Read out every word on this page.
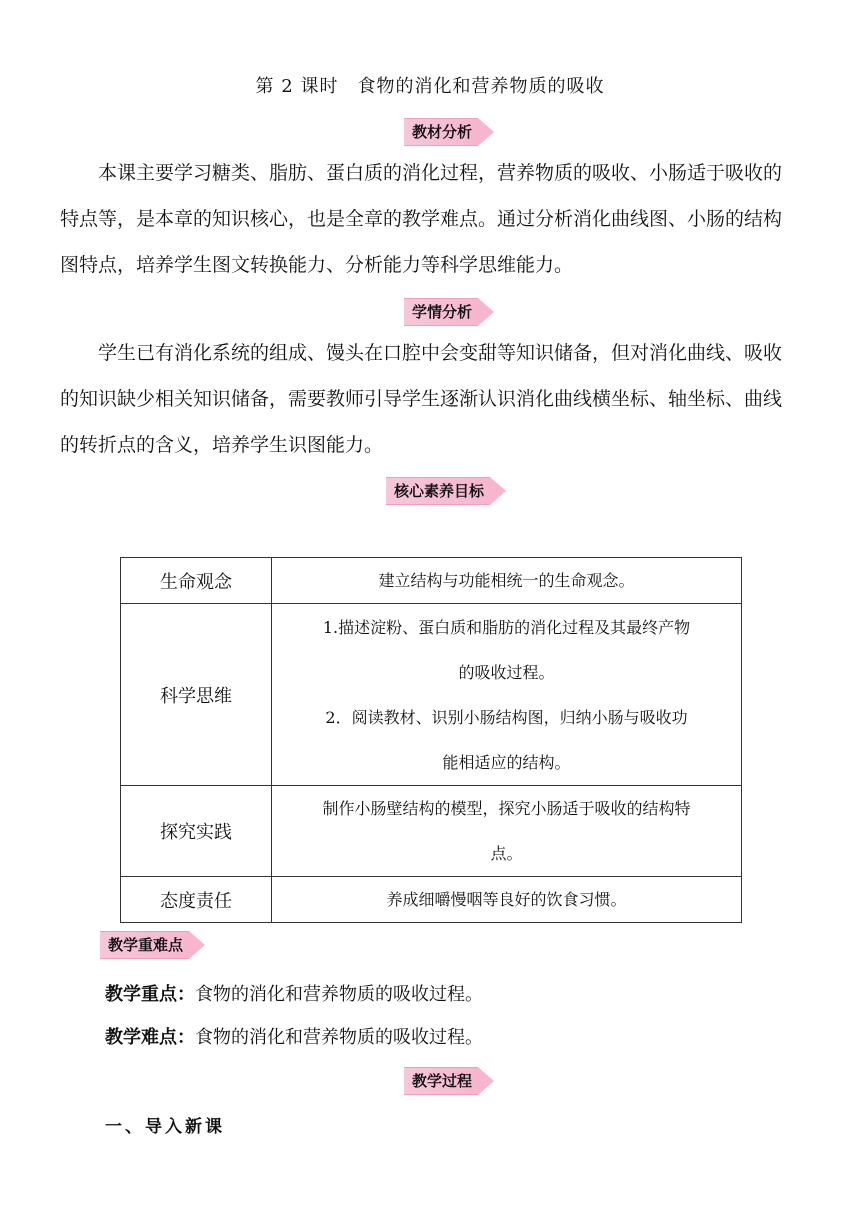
第 2 课时　食物的消化和营养物质的吸收
教材分析
本课主要学习糖类、脂肪、蛋白质的消化过程，营养物质的吸收、小肠适于吸收的特点等，是本章的知识核心，也是全章的教学难点。通过分析消化曲线图、小肠的结构图特点，培养学生图文转换能力、分析能力等科学思维能力。
学情分析
学生已有消化系统的组成、馒头在口腔中会变甜等知识储备，但对消化曲线、吸收的知识缺少相关知识储备，需要教师引导学生逐渐认识消化曲线横坐标、轴坐标、曲线的转折点的含义，培养学生识图能力。
核心素养目标
生命观念	建立结构与功能相统一的生命观念。

科学思维	1.描述淀粉、蛋白质和脂肪的消化过程及其最终产物
的吸收过程。
2．阅读教材、识别小肠结构图，归纳小肠与吸收功
能相适应的结构。

探究实践	制作小肠壁结构的模型，探究小肠适于吸收的结构特
点。

态度责任	养成细嚼慢咽等良好的饮食习惯。
教学重难点
教学重点：食物的消化和营养物质的吸收过程。
教学难点：食物的消化和营养物质的吸收过程。
教学过程
一、导入新课
